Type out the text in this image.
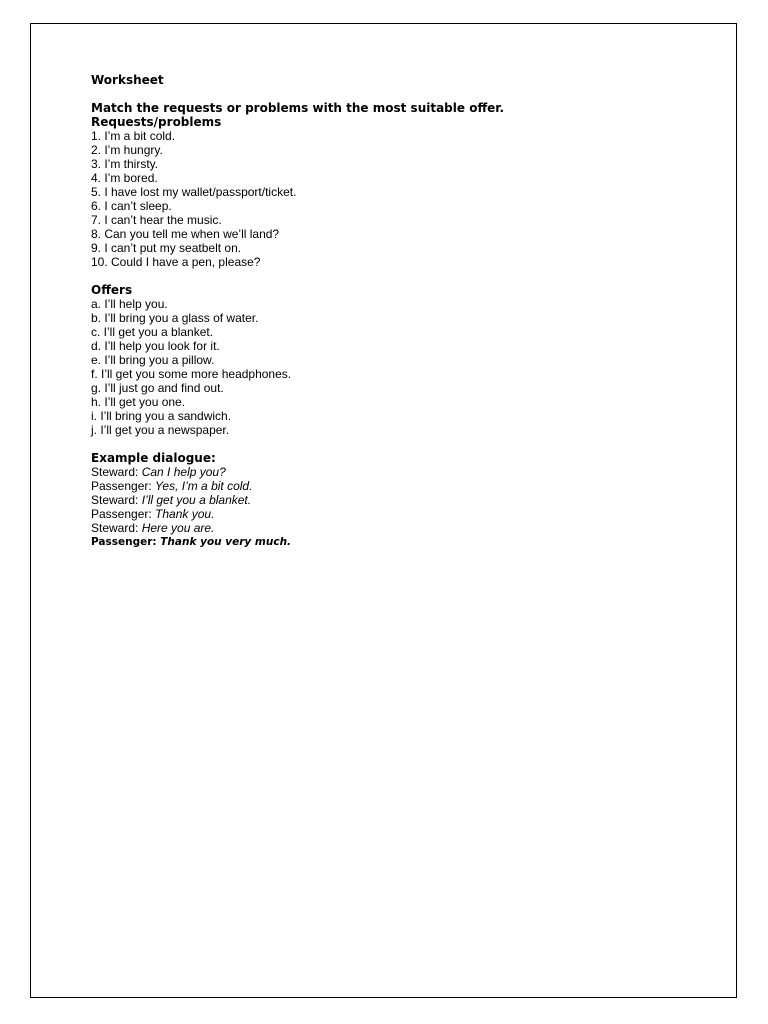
Worksheet

Match the requests or problems with the most suitable offer.

Requests/problems

1. I’m a bit cold.
2. I’m hungry.
3. I’m thirsty.
4. I’m bored.
5. I have lost my wallet/passport/ticket.
6. I can’t sleep.
7. I can’t hear the music.
8. Can you tell me when we’ll land?
9. I can’t put my seatbelt on.
10. Could I have a pen, please?

Offers

a. I’ll help you.
b. I’ll bring you a glass of water.
c. I’ll get you a blanket.
d. I’ll help you look for it.
e. I’ll bring you a pillow.
f. I’ll get you some more headphones.
g. I’ll just go and find out.
h. I’ll get you one.
i. I’ll bring you a sandwich.
j. I’ll get you a newspaper.

Example dialogue:

Steward: Can I help you?
Passenger: Yes, I’m a bit cold.
Steward: I’ll get you a blanket.
Passenger: Thank you.
Steward: Here you are.
Passenger: Thank you very much.
